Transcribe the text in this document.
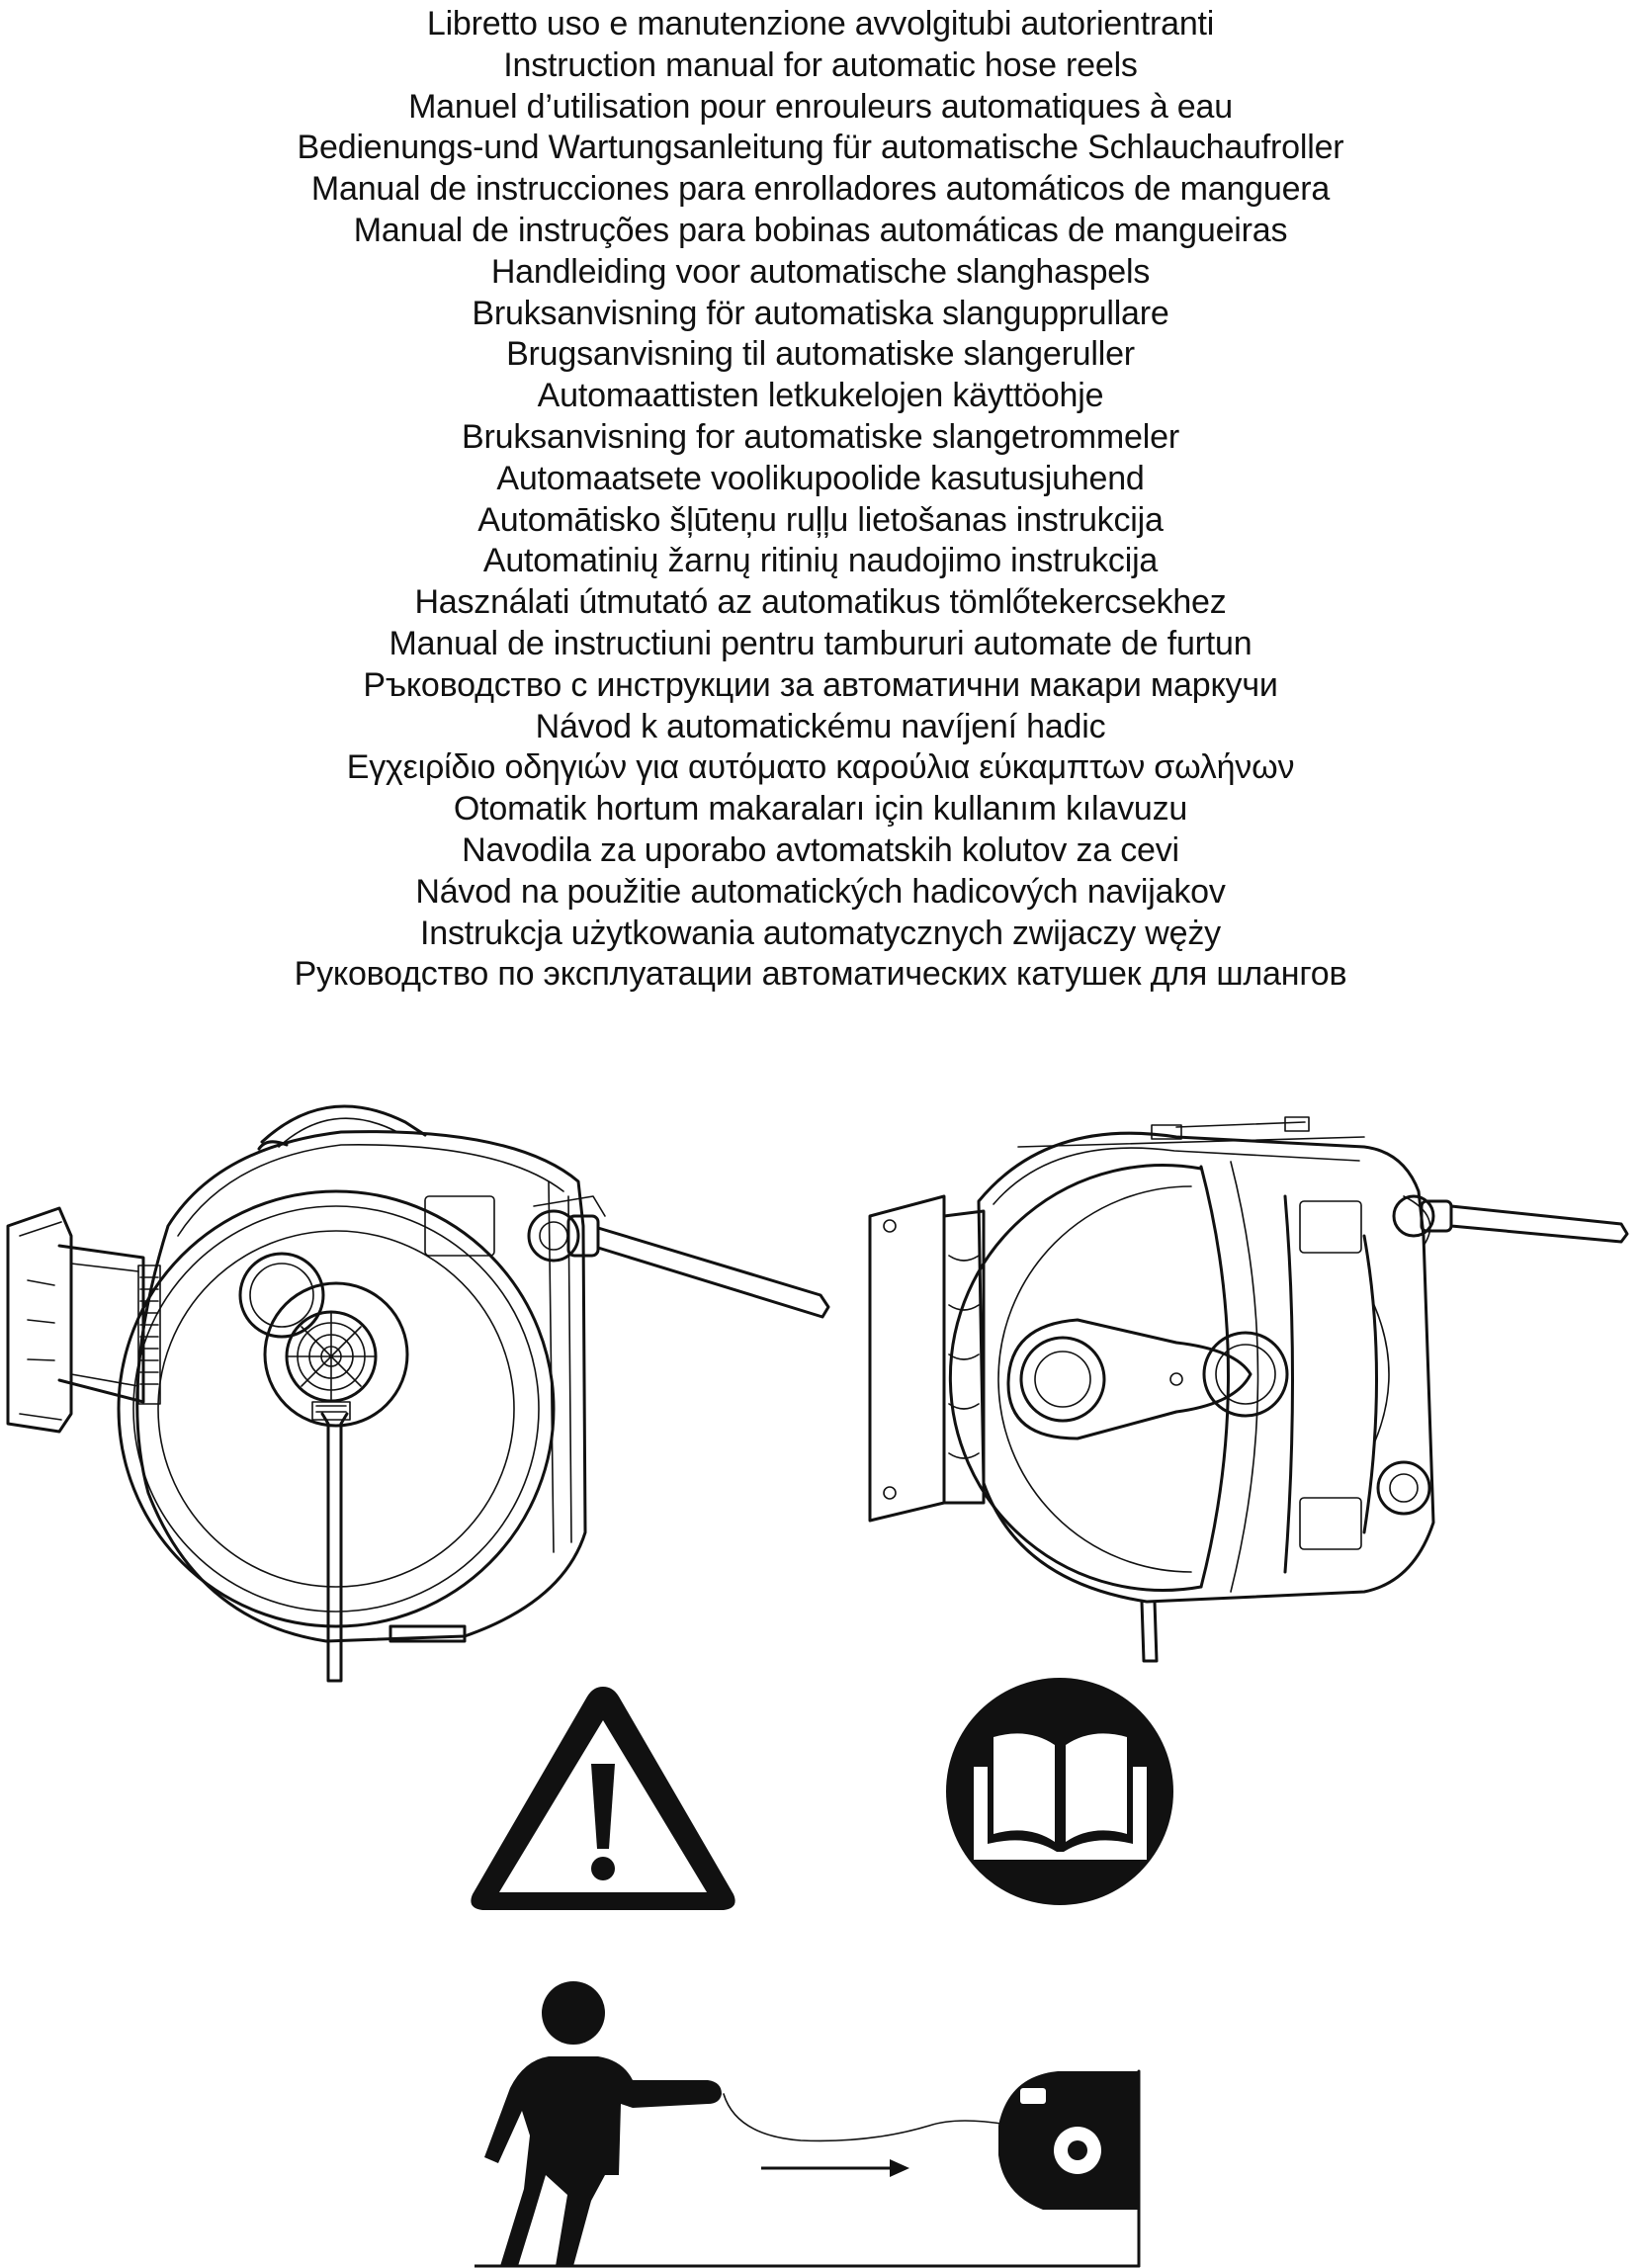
Libretto uso e manutenzione avvolgitubi autorientranti
Instruction manual for automatic hose reels
Manuel d’utilisation pour enrouleurs automatiques à eau
Bedienungs-und Wartungsanleitung für automatische Schlauchaufroller
Manual de instrucciones para enrolladores automáticos de manguera
Manual de instruções para bobinas automáticas de mangueiras
Handleiding voor automatische slanghaspels
Bruksanvisning för automatiska slangupprullare
Brugsanvisning til automatiske slangeruller
Automaattisten letkukelojen käyttöohje
Bruksanvisning for automatiske slangetrommeler
Automaatsete voolikupoolide kasutusjuhend
Automātisko šļūteņu ruļļu lietošanas instrukcija
Automatinių žarnų ritinių naudojimo instrukcija
Használati útmutató az automatikus tömlőtekercsekhez
Manual de instructiuni pentru tambururi automate de furtun
Ръководство с инструкции за автоматични макари маркучи
Návod k automatickému navíjení hadic
Εγχειρίδιο οδηγιών για αυτόματο καρούλια εύκαμπτων σωλήνων
Otomatik hortum makaraları için kullanım kılavuzu
Navodila za uporabo avtomatskih kolutov za cevi
Návod na použitie automatických hadicových navijakov
Instrukcja użytkowania automatycznych zwijaczy węży
Руководство по эксплуатации автоматических катушек для шлангов
